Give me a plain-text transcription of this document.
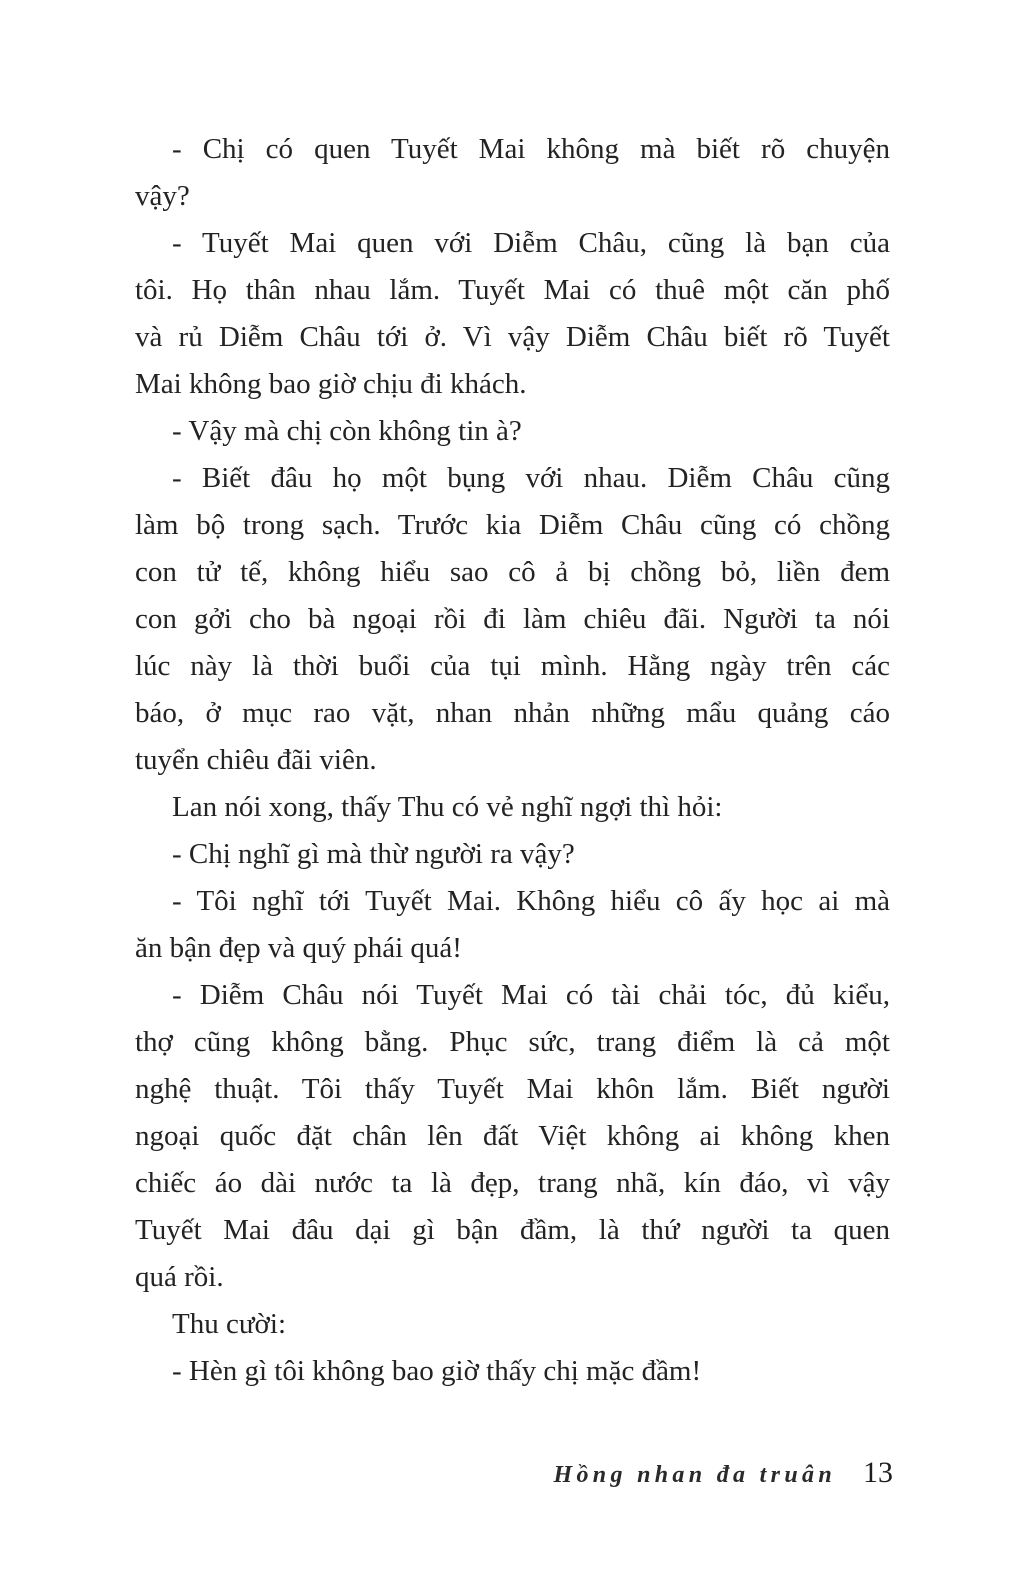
- Chị có quen Tuyết Mai không mà biết rõ chuyện
vậy?
- Tuyết Mai quen với Diễm Châu, cũng là bạn của
tôi. Họ thân nhau lắm. Tuyết Mai có thuê một căn phố
và rủ Diễm Châu tới ở. Vì vậy Diễm Châu biết rõ Tuyết
Mai không bao giờ chịu đi khách.
- Vậy mà chị còn không tin à?
- Biết đâu họ một bụng với nhau. Diễm Châu cũng
làm bộ trong sạch. Trước kia Diễm Châu cũng có chồng
con tử tế, không hiểu sao cô ả bị chồng bỏ, liền đem
con gởi cho bà ngoại rồi đi làm chiêu đãi. Người ta nói
lúc này là thời buổi của tụi mình. Hằng ngày trên các
báo, ở mục rao vặt, nhan nhản những mẩu quảng cáo
tuyển chiêu đãi viên.
Lan nói xong, thấy Thu có vẻ nghĩ ngợi thì hỏi:
- Chị nghĩ gì mà thừ người ra vậy?
- Tôi nghĩ tới Tuyết Mai. Không hiểu cô ấy học ai mà
ăn bận đẹp và quý phái quá!
- Diễm Châu nói Tuyết Mai có tài chải tóc, đủ kiểu,
thợ cũng không bằng. Phục sức, trang điểm là cả một
nghệ thuật. Tôi thấy Tuyết Mai khôn lắm. Biết người
ngoại quốc đặt chân lên đất Việt không ai không khen
chiếc áo dài nước ta là đẹp, trang nhã, kín đáo, vì vậy
Tuyết Mai đâu dại gì bận đầm, là thứ người ta quen
quá rồi.
Thu cười:
- Hèn gì tôi không bao giờ thấy chị mặc đầm!
Hồng nhan đa truân 13
